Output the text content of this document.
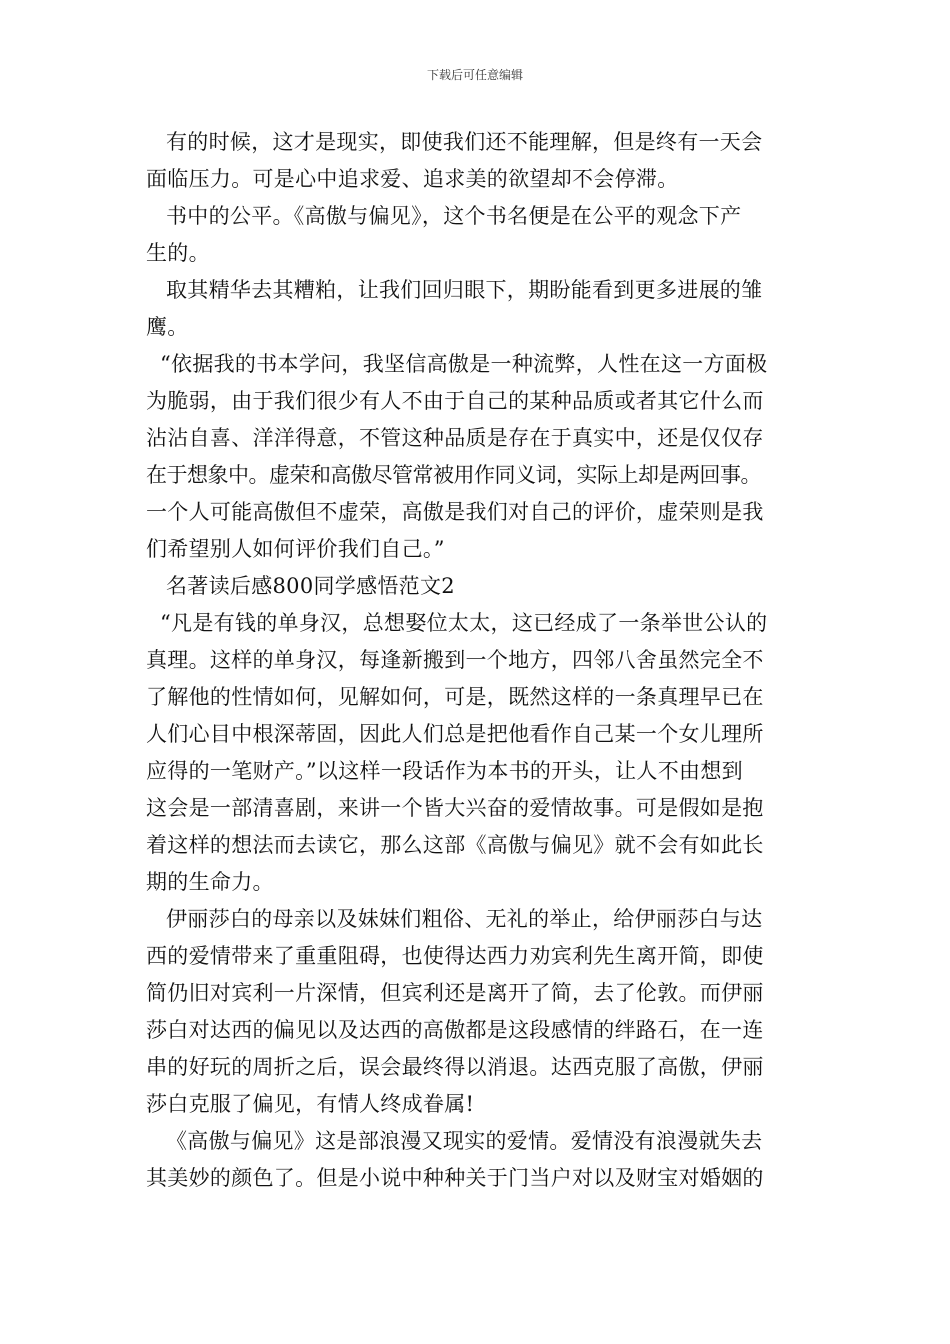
下载后可任意编辑

有的时候，这才是现实，即使我们还不能理解，但是终有一天会
面临压力。可是心中追求爱、追求美的欲望却不会停滞。

书中的公平。《高傲与偏见》，这个书名便是在公平的观念下产
生的。

取其精华去其糟粕，让我们回归眼下，期盼能看到更多进展的雏
鹰。

“依据我的书本学问，我坚信高傲是一种流弊，人性在这一方面极
为脆弱，由于我们很少有人不由于自己的某种品质或者其它什么而
沾沾自喜、洋洋得意，不管这种品质是存在于真实中，还是仅仅存
在于想象中。虚荣和高傲尽管常被用作同义词，实际上却是两回事。
一个人可能高傲但不虚荣，高傲是我们对自己的评价，虚荣则是我
们希望别人如何评价我们自己。”

名著读后感800同学感悟范文2

“凡是有钱的单身汉，总想娶位太太，这已经成了一条举世公认的
真理。这样的单身汉，每逢新搬到一个地方，四邻八舍虽然完全不
了解他的性情如何，见解如何，可是，既然这样的一条真理早已在
人们心目中根深蒂固，因此人们总是把他看作自己某一个女儿理所
应得的一笔财产。”以这样一段话作为本书的开头，让人不由想到
这会是一部清喜剧，来讲一个皆大兴奋的爱情故事。可是假如是抱
着这样的想法而去读它，那么这部《高傲与偏见》就不会有如此长
期的生命力。

伊丽莎白的母亲以及妹妹们粗俗、无礼的举止，给伊丽莎白与达
西的爱情带来了重重阻碍，也使得达西力劝宾利先生离开简，即使
简仍旧对宾利一片深情，但宾利还是离开了简，去了伦敦。而伊丽
莎白对达西的偏见以及达西的高傲都是这段感情的绊路石，在一连
串的好玩的周折之后，误会最终得以消退。达西克服了高傲，伊丽
莎白克服了偏见，有情人终成眷属!

《高傲与偏见》这是部浪漫又现实的爱情。爱情没有浪漫就失去
其美妙的颜色了。但是小说中种种关于门当户对以及财宝对婚姻的
